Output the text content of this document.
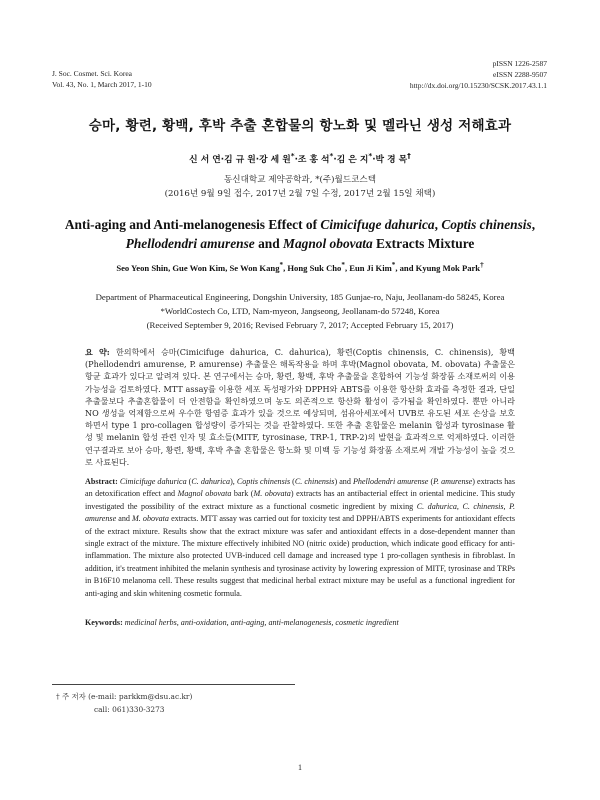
J. Soc. Cosmet. Sci. Korea
Vol. 43, No. 1, March 2017, 1-10
pISSN 1226-2587
eISSN 2288-9507
http://dx.doi.org/10.15230/SCSK.2017.43.1.1
승마, 황련, 황백, 후박 추출 혼합물의 항노화 및 멜라닌 생성 저해효과
신 서 연·김 규 원·강 세 원*·조 홍 석*·김 은 지*·박 경 목†
동신대학교 제약공학과, *(주)월드코스텍
(2016년 9월 9일 접수, 2017년 2월 7일 수정, 2017년 2월 15일 채택)
Anti-aging and Anti-melanogenesis Effect of Cimicifuge dahurica, Coptis chinensis,
Phellodendri amurense and Magnol obovata Extracts Mixture
Seo Yeon Shin, Gue Won Kim, Se Won Kang*, Hong Suk Cho*, Eun Ji Kim*, and Kyung Mok Park†
Department of Pharmaceutical Engineering, Dongshin University, 185 Gunjae-ro, Naju, Jeollanam-do 58245, Korea
*WorldCostech Co, LTD, Nam-myeon, Jangseong, Jeollanam-do 57248, Korea
(Received September 9, 2016; Revised February 7, 2017; Accepted February 15, 2017)
요 약: 한의학에서 승마(Cimicifuge dahurica, C. dahurica), 황련(Coptis chinensis, C. chinensis), 황백(Phellodendri amurense, P. amurense) 추출물은 해독작용을 하며 후박(Magnol obovata, M. obovata) 추출물은 항균 효과가 있다고 알려져 있다. 본 연구에서는 승마, 황련, 황백, 후박 추출물을 혼합하여 기능성 화장품 소재로써의 이용 가능성을 검토하였다. MTT assay를 이용한 세포 독성평가와 DPPH와 ABTS를 이용한 항산화 효과를 측정한 결과, 단일 추출물보다 추출혼합물이 더 안전함을 확인하였으며 농도 의존적으로 항산화 활성이 증가됨을 확인하였다. 뿐만 아니라 NO 생성을 억제함으로써 우수한 항염증 효과가 있을 것으로 예상되며, 섬유아세포에서 UVB로 유도된 세포 손상을 보호하면서 type 1 pro-collagen 합성량이 증가되는 것을 관찰하였다. 또한 추출 혼합물은 melanin 합성과 tyrosinase 활성 및 melanin 합성 관련 인자 및 효소들(MITF, tyrosinase, TRP-1, TRP-2)의 발현을 효과적으로 억제하였다. 이러한 연구결과로 보아 승마, 황련, 황백, 후박 추출 혼합물은 항노화 및 미백 등 기능성 화장품 소재로써 개발 가능성이 높을 것으로 사료된다.
Abstract: Cimicifuge dahurica (C. dahurica), Coptis chinensis (C. chinensis) and Phellodendri amurense (P. amurense) extracts has an detoxification effect and Magnol obovata bark (M. obovata) extracts has an antibacterial effect in oriental medicine. This study investigated the possibility of the extract mixture as a functional cosmetic ingredient by mixing C. dahurica, C. chinensis, P. amurense and M. obovata extracts. MTT assay was carried out for toxicity test and DPPH/ABTS experiments for antioxidant effects of the extract mixture. Results show that the extract mixture was safer and antioxidant effects in a dose-dependent manner than single extract of the mixture. The mixture effectively inhibited NO (nitric oxide) production, which indicate good efficacy for anti-inflammation. The mixture also protected UVB-induced cell damage and increased type 1 pro-collagen synthesis in fibroblast. In addition, it's treatment inhibited the melanin synthesis and tyrosinase activity by lowering expression of MITF, tyrosinase and TRPs in B16F10 melanoma cell. These results suggest that medicinal herbal extract mixture may be useful as a functional ingredient for anti-aging and skin whitening cosmetic formula.
Keywords: medicinal herbs, anti-oxidation, anti-aging, anti-melanogenesis, cosmetic ingredient
† 주 저자 (e-mail: parkkm@dsu.ac.kr)
call: 061)330-3273
1
